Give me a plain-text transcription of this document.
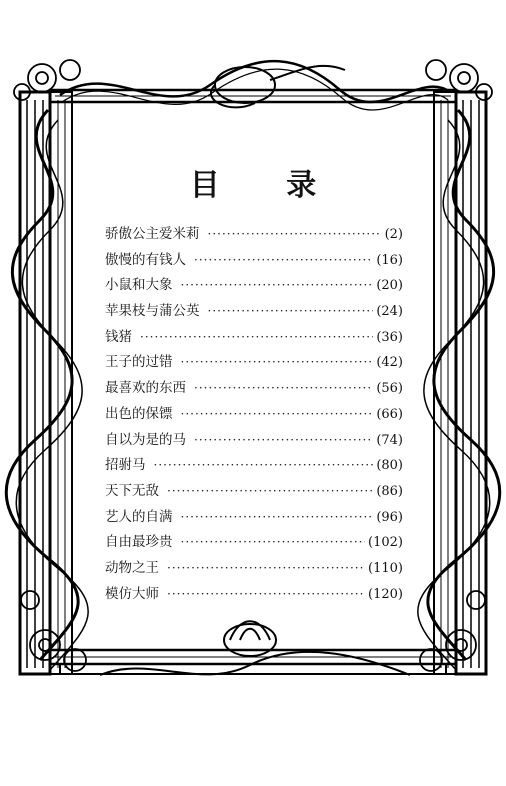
目 录
骄傲公主爱米莉 ·····	(2)
傲慢的有钱人 ·····	(16)
小鼠和大象 ·····	(20)
苹果枝与蒲公英 ·····	(24)
钱猪 ·····	(36)
王子的过错 ·····	(42)
最喜欢的东西 ·····	(56)
出色的保镖 ·····	(66)
自以为是的马 ·····	(74)
招驸马 ·····	(80)
天下无敌 ·····	(86)
艺人的自满 ·····	(96)
自由最珍贵 ·····	(102)
动物之王 ·····	(110)
模仿大师 ·····	(120)
